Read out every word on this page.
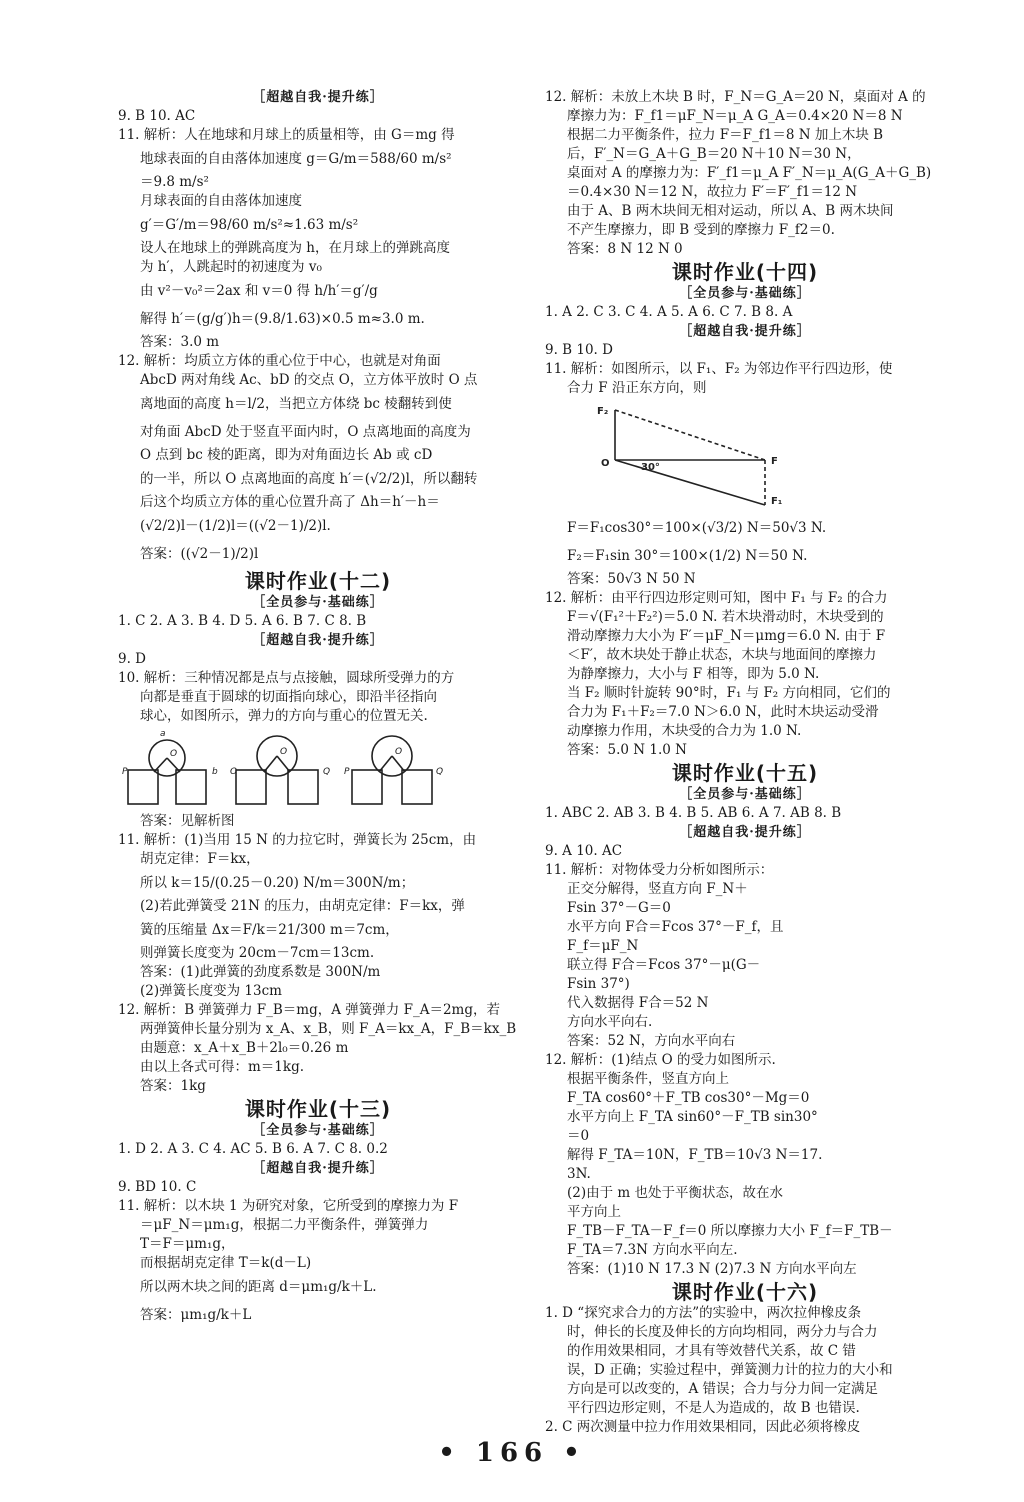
［超越自我·提升练］
9. B 10. AC
11. 解析：人在地球和月球上的质量相等，由 G＝mg 得
地球表面的自由落体加速度 g＝G/m＝588/60 m/s²
＝9.8 m/s²
月球表面的自由落体加速度
g′＝G′/m＝98/60 m/s²≈1.63 m/s²
设人在地球上的弹跳高度为 h，在月球上的弹跳高度
为 h′，人跳起时的初速度为 v₀
由 v²－v₀²＝2ax 和 v＝0 得 h/h′＝g′/g
解得 h′＝(g/g′)h＝(9.8/1.63)×0.5 m≈3.0 m.
答案：3.0 m
12. 解析：均质立方体的重心位于中心，也就是对角面
AbcD 两对角线 Ac、bD 的交点 O，立方体平放时 O 点
离地面的高度 h＝l/2，当把立方体绕 bc 棱翻转到使
对角面 AbcD 处于竖直平面内时，O 点离地面的高度为
O 点到 bc 棱的距离，即为对角面边长 Ab 或 cD
的一半，所以 O 点离地面的高度 h′＝(√2/2)l，所以翻转
后这个均质立方体的重心位置升高了 Δh＝h′－h＝
(√2/2)l－(1/2)l＝((√2－1)/2)l.
答案：((√2－1)/2)l
课时作业(十二)
［全员参与·基础练］
1. C 2. A 3. B 4. D 5. A 6. B 7. C 8. B
［超越自我·提升练］
9. D
10. 解析：三种情况都是点与点接触，圆球所受弹力的方
向都是垂直于圆球的切面指向球心，即沿半径指向
球心，如图所示，弹力的方向与重心的位置无关.
a
O
b
P
O	O
O	Q P	Q
答案：见解析图
11. 解析：(1)当用 15 N 的力拉它时，弹簧长为 25cm，由
胡克定律：F＝kx，
所以 k＝15/(0.25－0.20) N/m＝300N/m；
(2)若此弹簧受 21N 的压力，由胡克定律：F＝kx，弹
簧的压缩量 Δx＝F/k＝21/300 m＝7cm，
则弹簧长度变为 20cm－7cm＝13cm.
答案：(1)此弹簧的劲度系数是 300N/m
(2)弹簧长度变为 13cm
12. 解析：B 弹簧弹力 F_B＝mg，A 弹簧弹力 F_A＝2mg，若
两弹簧伸长量分别为 x_A、x_B，则 F_A＝kx_A，F_B＝kx_B
由题意：x_A＋x_B＋2l₀＝0.26 m
由以上各式可得：m＝1kg.
答案：1kg
课时作业(十三)
［全员参与·基础练］
1. D 2. A 3. C 4. AC 5. B 6. A 7. C 8. 0.2
［超越自我·提升练］
9. BD 10. C
11. 解析：以木块 1 为研究对象，它所受到的摩擦力为 F
＝μF_N＝μm₁g，根据二力平衡条件，弹簧弹力
T＝F＝μm₁g，
而根据胡克定律 T＝k(d－L)
所以两木块之间的距离 d＝μm₁g/k＋L.
答案：μm₁g/k＋L
12. 解析：未放上木块 B 时，F_N＝G_A＝20 N，桌面对 A 的
摩擦力为：F_f1＝μF_N＝μ_A G_A＝0.4×20 N＝8 N
根据二力平衡条件，拉力 F＝F_f1＝8 N 加上木块 B
后，F′_N＝G_A＋G_B＝20 N＋10 N＝30 N，
桌面对 A 的摩擦力为：F′_f1＝μ_A F′_N＝μ_A(G_A＋G_B)
＝0.4×30 N＝12 N，故拉力 F′＝F′_f1＝12 N
由于 A、B 两木块间无相对运动，所以 A、B 两木块间
不产生摩擦力，即 B 受到的摩擦力 F_f2＝0.
答案：8 N 12 N 0
课时作业(十四)
［全员参与·基础练］
1. A 2. C 3. C 4. A 5. A 6. C 7. B 8. A
［超越自我·提升练］
9. B 10. D
11. 解析：如图所示，以 F₁、F₂ 为邻边作平行四边形，使
合力 F 沿正东方向，则
F₂
O	30°
F
F₁
F＝F₁cos30°＝100×(√3/2) N＝50√3 N.
F₂＝F₁sin 30°＝100×(1/2) N＝50 N.
答案：50√3 N 50 N
12. 解析：由平行四边形定则可知，图中 F₁ 与 F₂ 的合力
F＝√(F₁²＋F₂²)＝5.0 N. 若木块滑动时，木块受到的
滑动摩擦力大小为 F′＝μF_N＝μmg＝6.0 N. 由于 F
＜F′，故木块处于静止状态，木块与地面间的摩擦力
为静摩擦力，大小与 F 相等，即为 5.0 N.
当 F₂ 顺时针旋转 90°时，F₁ 与 F₂ 方向相同，它们的
合力为 F₁＋F₂＝7.0 N＞6.0 N，此时木块运动受滑
动摩擦力作用，木块受的合力为 1.0 N.
答案：5.0 N 1.0 N
课时作业(十五)
［全员参与·基础练］
1. ABC 2. AB 3. B 4. B 5. AB 6. A 7. AB 8. B
［超越自我·提升练］
9. A 10. AC
11. 解析：对物体受力分析如图所示：
正交分解得，竖直方向 F_N＋
Fsin 37°－G＝0
水平方向 F合＝Fcos 37°－F_f，且
F_f＝μF_N
联立得 F合＝Fcos 37°－μ(G－
Fsin 37°)
代入数据得 F合＝52 N
方向水平向右.
答案：52 N，方向水平向右
12. 解析：(1)结点 O 的受力如图所示.
根据平衡条件，竖直方向上
F_TA cos60°＋F_TB cos30°－Mg＝0
水平方向上 F_TA sin60°－F_TB sin30°
＝0
解得 F_TA＝10N，F_TB＝10√3 N＝17.
3N.
(2)由于 m 也处于平衡状态，故在水
平方向上
F_TB－F_TA－F_f＝0 所以摩擦力大小 F_f＝F_TB－
F_TA＝7.3N 方向水平向左.
答案：(1)10 N 17.3 N (2)7.3 N 方向水平向左
课时作业(十六)
1. D “探究求合力的方法”的实验中，两次拉伸橡皮条
时，伸长的长度及伸长的方向均相同，两分力与合力
的作用效果相同，才具有等效替代关系，故 C 错
误，D 正确；实验过程中，弹簧测力计的拉力的大小和
方向是可以改变的，A 错误；合力与分力间一定满足
平行四边形定则，不是人为造成的，故 B 也错误.
2. C 两次测量中拉力作用效果相同，因此必须将橡皮
• 166 •
